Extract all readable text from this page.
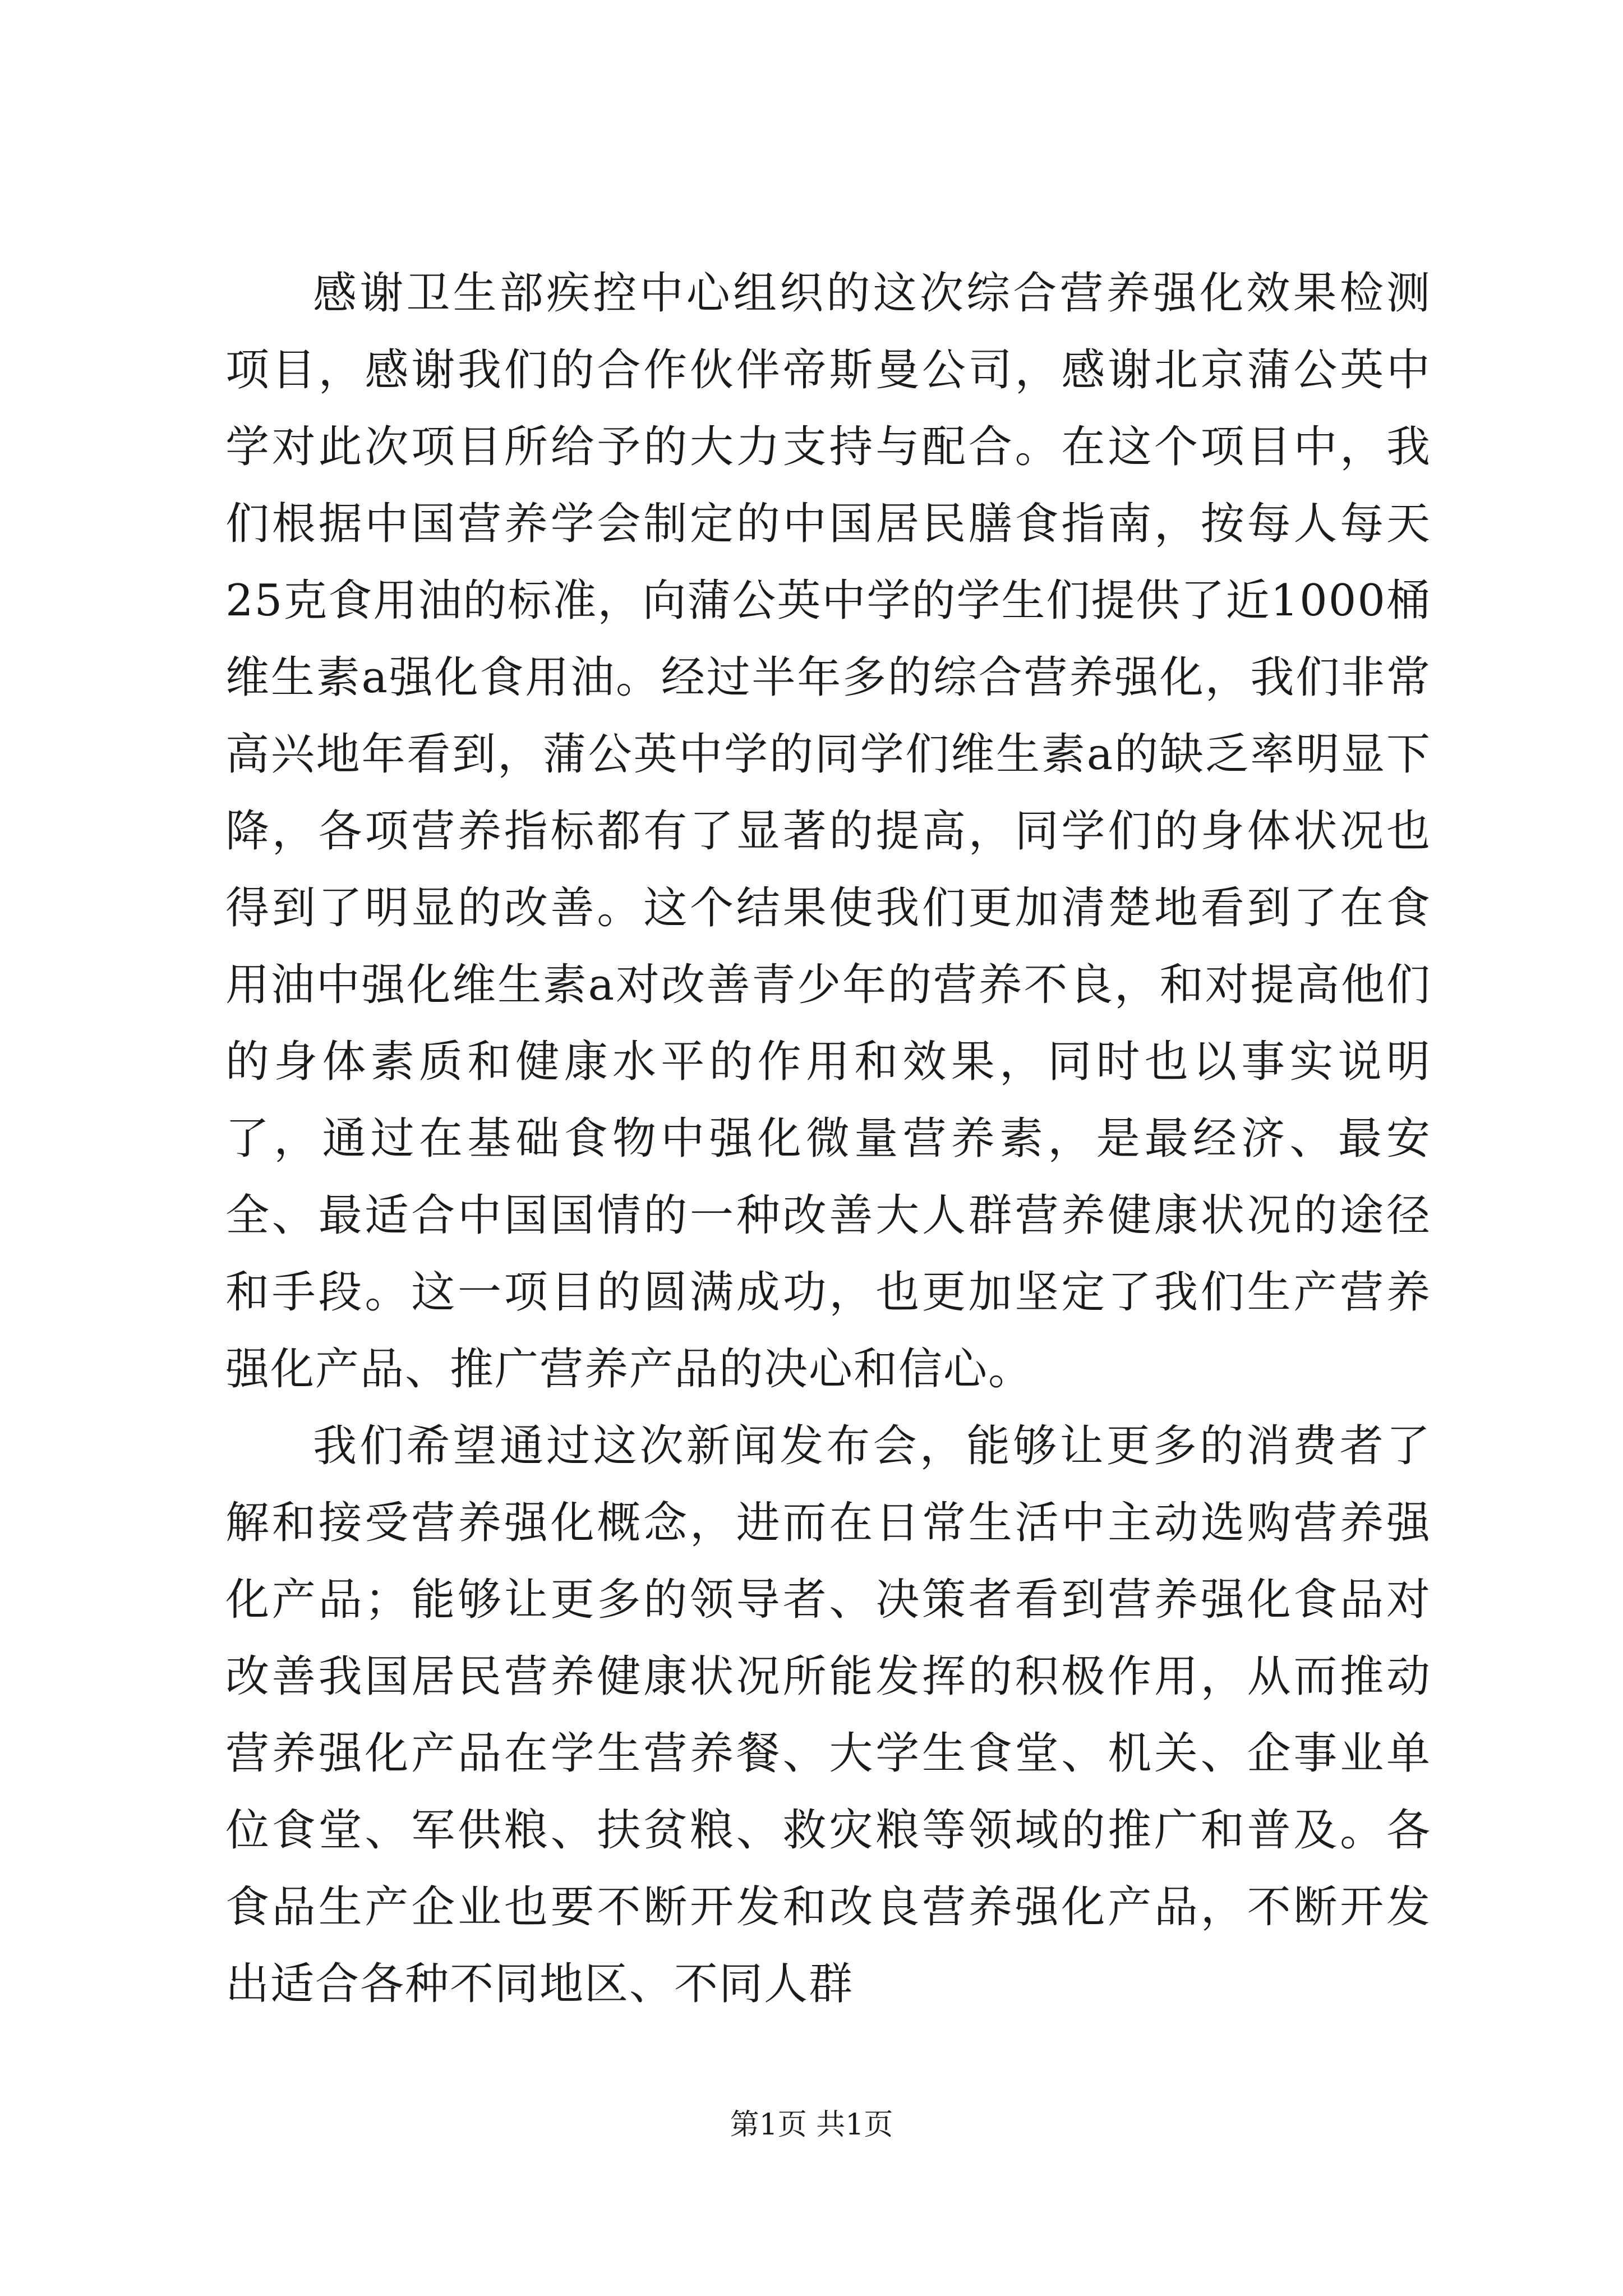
感谢卫生部疾控中心组织的这次综合营养强化效果检测项目，感谢我们的合作伙伴帝斯曼公司，感谢北京蒲公英中学对此次项目所给予的大力支持与配合。在这个项目中，我们根据中国营养学会制定的中国居民膳食指南，按每人每天25克食用油的标准，向蒲公英中学的学生们提供了近1000桶维生素a强化食用油。经过半年多的综合营养强化，我们非常高兴地年看到，蒲公英中学的同学们维生素a的缺乏率明显下降，各项营养指标都有了显著的提高，同学们的身体状况也得到了明显的改善。这个结果使我们更加清楚地看到了在食用油中强化维生素a对改善青少年的营养不良，和对提高他们的身体素质和健康水平的作用和效果，同时也以事实说明了，通过在基础食物中强化微量营养素，是最经济、最安全、最适合中国国情的一种改善大人群营养健康状况的途径和手段。这一项目的圆满成功，也更加坚定了我们生产营养强化产品、推广营养产品的决心和信心。

我们希望通过这次新闻发布会，能够让更多的消费者了解和接受营养强化概念，进而在日常生活中主动选购营养强化产品；能够让更多的领导者、决策者看到营养强化食品对改善我国居民营养健康状况所能发挥的积极作用，从而推动营养强化产品在学生营养餐、大学生食堂、机关、企事业单位食堂、军供粮、扶贫粮、救灾粮等领域的推广和普及。各食品生产企业也要不断开发和改良营养强化产品，不断开发出适合各种不同地区、不同人群

第1页 共1页
